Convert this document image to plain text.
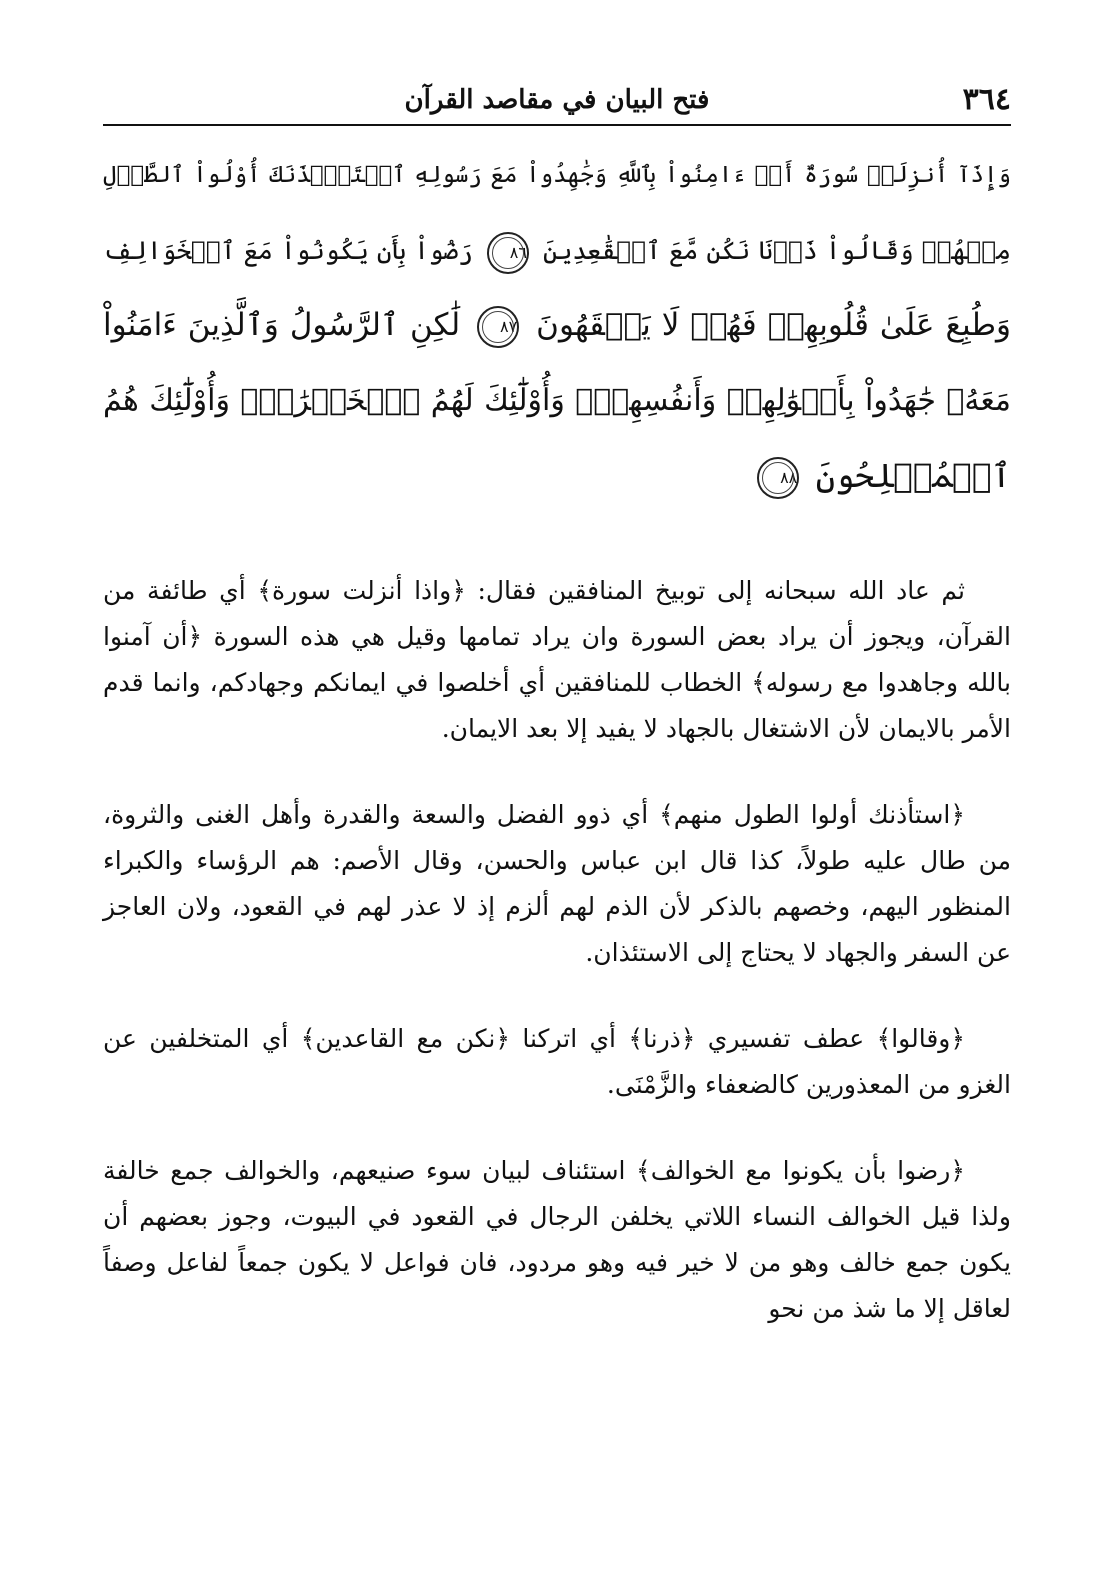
٣٦٤
فتح البيان في مقاصد القرآن
وَإِذَآ أُنزِلَتۡ سُورَةٌ أَنۡ ءَامِنُواْ بِٱللَّهِ وَجَٰهِدُواْ مَعَ رَسُولِهِ ٱسۡتَـٔۡذَنَكَ أُوْلُواْ ٱلطَّوۡلِ
مِنۡهُمۡ وَقَالُواْ ذَرۡنَا نَكُن مَّعَ ٱلۡقَٰعِدِينَ ٨٦ رَضُواْ بِأَن يَكُونُواْ مَعَ ٱلۡخَوَالِفِ
وَطُبِعَ عَلَىٰ قُلُوبِهِمۡ فَهُمۡ لَا يَفۡقَهُونَ ٨٧ لَٰكِنِ ٱلرَّسُولُ وَٱلَّذِينَ ءَامَنُواْ
مَعَهُۥ جَٰهَدُواْ بِأَمۡوَٰلِهِمۡ وَأَنفُسِهِمۡۚ وَأُوْلَٰٓئِكَ لَهُمُ ٱلۡخَيۡرَٰتُۖ وَأُوْلَٰٓئِكَ هُمُ
ٱلۡمُفۡلِحُونَ ٨٨

ثم عاد الله سبحانه إلى توبيخ المنافقين فقال: ﴿واذا أنزلت سورة﴾ أي طائفة من القرآن، ويجوز أن يراد بعض السورة وان يراد تمامها وقيل هي هذه السورة ﴿أن آمنوا بالله وجاهدوا مع رسوله﴾ الخطاب للمنافقين أي أخلصوا في ايمانكم وجهادكم، وانما قدم الأمر بالايمان لأن الاشتغال بالجهاد لا يفيد إلا بعد الايمان.

﴿استأذنك أولوا الطول منهم﴾ أي ذوو الفضل والسعة والقدرة وأهل الغنى والثروة، من طال عليه طولاً، كذا قال ابن عباس والحسن، وقال الأصم: هم الرؤساء والكبراء المنظور اليهم، وخصهم بالذكر لأن الذم لهم ألزم إذ لا عذر لهم في القعود، ولان العاجز عن السفر والجهاد لا يحتاج إلى الاستئذان.

﴿وقالوا﴾ عطف تفسيري ﴿ذرنا﴾ أي اتركنا ﴿نكن مع القاعدين﴾ أي المتخلفين عن الغزو من المعذورين كالضعفاء والزَّمْنَى.

﴿رضوا بأن يكونوا مع الخوالف﴾ استئناف لبيان سوء صنيعهم، والخوالف جمع خالفة ولذا قيل الخوالف النساء اللاتي يخلفن الرجال في القعود في البيوت، وجوز بعضهم أن يكون جمع خالف وهو من لا خير فيه وهو مردود، فان فواعل لا يكون جمعاً لفاعل وصفاً لعاقل إلا ما شذ من نحو
